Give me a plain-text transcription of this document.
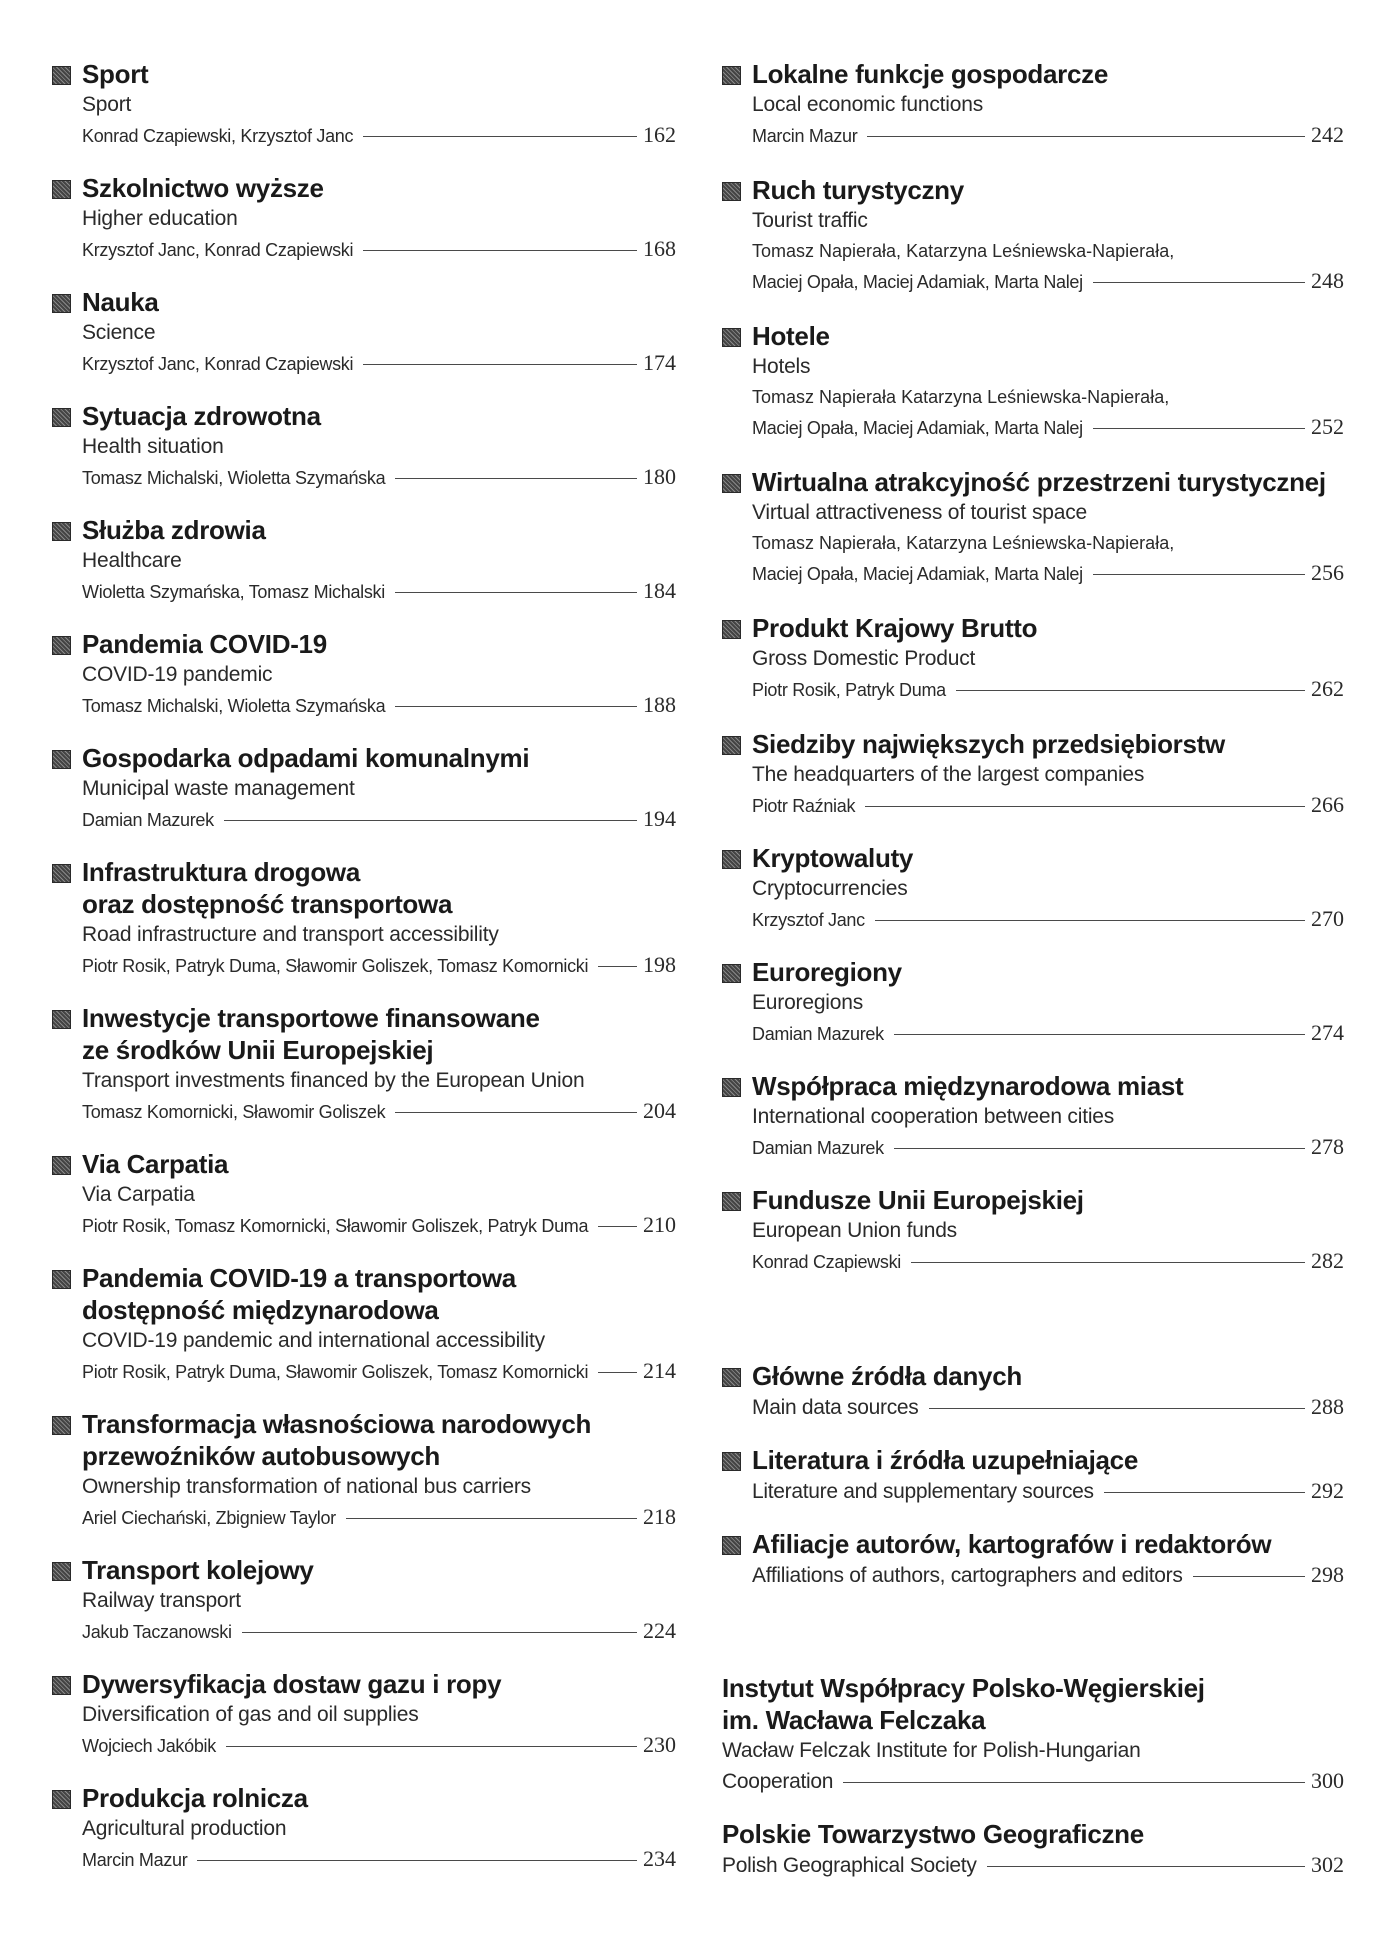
Sport
Sport
Konrad Czapiewski, Krzysztof Janc	162
Szkolnictwo wyższe
Higher education
Krzysztof Janc, Konrad Czapiewski	168
Nauka
Science
Krzysztof Janc, Konrad Czapiewski	174
Sytuacja zdrowotna
Health situation
Tomasz Michalski, Wioletta Szymańska	180
Służba zdrowia
Healthcare
Wioletta Szymańska, Tomasz Michalski	184
Pandemia COVID-19
COVID-19 pandemic
Tomasz Michalski, Wioletta Szymańska	188
Gospodarka odpadami komunalnymi
Municipal waste management
Damian Mazurek	194
Infrastruktura drogowa
oraz dostępność transportowa
Road infrastructure and transport accessibility
Piotr Rosik, Patryk Duma, Sławomir Goliszek, Tomasz Komornicki 198
Inwestycje transportowe finansowane
ze środków Unii Europejskiej
Transport investments financed by the European Union
Tomasz Komornicki, Sławomir Goliszek	204
Via Carpatia
Via Carpatia
Piotr Rosik, Tomasz Komornicki, Sławomir Goliszek, Patryk Duma 210
Pandemia COVID-19 a transportowa
dostępność międzynarodowa
COVID-19 pandemic and international accessibility
Piotr Rosik, Patryk Duma, Sławomir Goliszek, Tomasz Komornicki 214
Transformacja własnościowa narodowych
przewoźników autobusowych
Ownership transformation of national bus carriers
Ariel Ciechański, Zbigniew Taylor	218
Transport kolejowy
Railway transport
Jakub Taczanowski	224
Dywersyfikacja dostaw gazu i ropy
Diversification of gas and oil supplies
Wojciech Jakóbik	230
Produkcja rolnicza
Agricultural production
Marcin Mazur	234
Lokalne funkcje gospodarcze
Local economic functions
Marcin Mazur	242
Ruch turystyczny
Tourist traffic
Tomasz Napierała, Katarzyna Leśniewska-Napierała,
Maciej Opała, Maciej Adamiak, Marta Nalej	248
Hotele
Hotels
Tomasz Napierała Katarzyna Leśniewska-Napierała,
Maciej Opała, Maciej Adamiak, Marta Nalej	252
Wirtualna atrakcyjność przestrzeni turystycznej
Virtual attractiveness of tourist space
Tomasz Napierała, Katarzyna Leśniewska-Napierała,
Maciej Opała, Maciej Adamiak, Marta Nalej	256
Produkt Krajowy Brutto
Gross Domestic Product
Piotr Rosik, Patryk Duma	262
Siedziby największych przedsiębiorstw
The headquarters of the largest companies
Piotr Raźniak	266
Kryptowaluty
Cryptocurrencies
Krzysztof Janc	270
Euroregiony
Euroregions
Damian Mazurek	274
Współpraca międzynarodowa miast
International cooperation between cities
Damian Mazurek	278
Fundusze Unii Europejskiej
European Union funds
Konrad Czapiewski	282
Główne źródła danych
Main data sources	288
Literatura i źródła uzupełniające
Literature and supplementary sources	292
Afiliacje autorów, kartografów i redaktorów
Affiliations of authors, cartographers and editors	298
Instytut Współpracy Polsko-Węgierskiej
im. Wacława Felczaka
Wacław Felczak Institute for Polish-Hungarian
Cooperation	300
Polskie Towarzystwo Geograficzne
Polish Geographical Society	302
